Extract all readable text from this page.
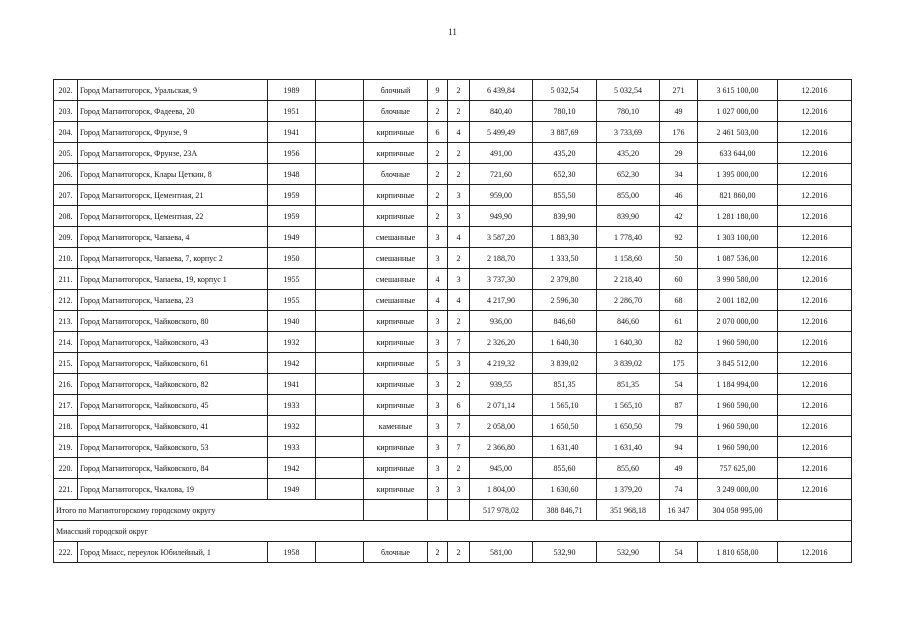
11
202.	Город Магнитогорск, Уральская, 9	1989		блочный	9	2	6 439,84	5 032,54	5 032,54	271	3 615 100,00	12.2016
203.	Город Магнитогорск, Фадеева, 20	1951		блочные	2	2	840,40	780,10	780,10	49	1 027 000,00	12.2016
204.	Город Магнитогорск, Фрунзе, 9	1941		кирпичные	6	4	5 499,49	3 887,69	3 733,69	176	2 461 503,00	12.2016
205.	Город Магнитогорск, Фрунзе, 23А	1956		кирпичные	2	2	491,00	435,20	435,20	29	633 644,00	12.2016
206.	Город Магнитогорск, Клары Цеткин, 8	1948		блочные	2	2	721,60	652,30	652,30	34	1 395 000,00	12.2016
207.	Город Магнитогорск, Цементная, 21	1959		кирпичные	2	3	959,00	855,50	855,00	46	821 860,00	12.2016
208.	Город Магнитогорск, Цементная, 22	1959		кирпичные	2	3	949,90	839,90	839,90	42	1 281 180,00	12.2016
209.	Город Магнитогорск, Чапаева, 4	1949		смешанные	3	4	3 587,20	1 883,30	1 778,40	92	1 303 100,00	12.2016
210.	Город Магнитогорск, Чапаева, 7, корпус 2	1950		смешанные	3	2	2 188,70	1 333,50	1 158,60	50	1 087 536,00	12.2016
211.	Город Магнитогорск, Чапаева, 19, корпус 1	1955		смешанные	4	3	3 737,30	2 379,80	2 218,40	60	3 990 580,00	12.2016
212.	Город Магнитогорск, Чапаева, 23	1955		смешанные	4	4	4 217,90	2 596,30	2 286,70	68	2 001 182,00	12.2016
213.	Город Магнитогорск, Чайковского, 80	1940		кирпичные	3	2	936,00	846,60	846,60	61	2 070 000,00	12.2016
214.	Город Магнитогорск, Чайковского, 43	1932		кирпичные	3	7	2 326,20	1 640,30	1 640,30	82	1 960 590,00	12.2016
215.	Город Магнитогорск, Чайковского, 61	1942		кирпичные	5	3	4 219,32	3 839,02	3 839,02	175	3 845 512,00	12.2016
216.	Город Магнитогорск, Чайковского, 82	1941		кирпичные	3	2	939,55	851,35	851,35	54	1 184 994,00	12.2016
217.	Город Магнитогорск, Чайковского, 45	1933		кирпичные	3	6	2 071,14	1 565,10	1 565,10	87	1 960 590,00	12.2016
218.	Город Магнитогорск, Чайковского, 41	1932		каменные	3	7	2 058,00	1 650,50	1 650,50	79	1 960 590,00	12.2016
219.	Город Магнитогорск, Чайковского, 53	1933		кирпичные	3	7	2 366,80	1 631,40	1 631,40	94	1 960 590,00	12.2016
220.	Город Магнитогорск, Чайковского, 84	1942		кирпичные	3	2	945,00	855,60	855,60	49	757 625,00	12.2016
221.	Город Магнитогорск, Чкалова, 19	1949		кирпичные	3	3	1 804,00	1 630,60	1 379,20	74	3 249 000,00	12.2016
Итого по Магнитогорскому городскому округу							517 978,02	388 846,71	351 968,18	16 347	304 058 995,00	
Миасский городской округ												
222.	Город Миасс, переулок Юбилейный, 1	1958		блочные	2	2	581,00	532,90	532,90	54	1 810 658,00	12.2016
